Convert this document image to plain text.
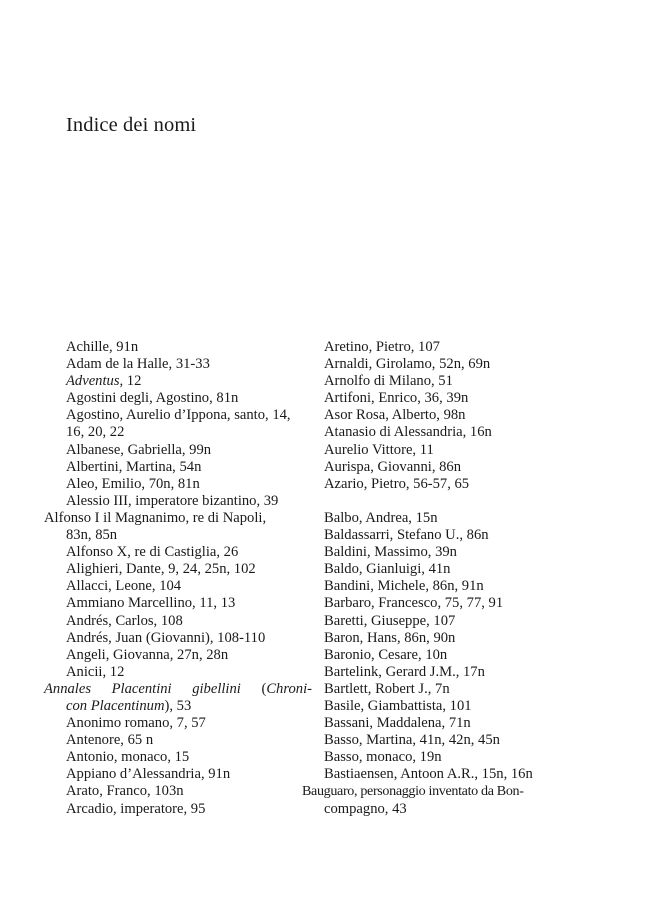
Indice dei nomi
Achille, 91n
Adam de la Halle, 31-33
Adventus, 12
Agostini degli, Agostino, 81n
Agostino, Aurelio d’Ippona, santo, 14,
16, 20, 22
Albanese, Gabriella, 99n
Albertini, Martina, 54n
Aleo, Emilio, 70n, 81n
Alessio III, imperatore bizantino, 39
Alfonso I il Magnanimo, re di Napoli,
83n, 85n
Alfonso X, re di Castiglia, 26
Alighieri, Dante, 9, 24, 25n, 102
Allacci, Leone, 104
Ammiano Marcellino, 11, 13
Andrés, Carlos, 108
Andrés, Juan (Giovanni), 108-110
Angeli, Giovanna, 27n, 28n
Anicii, 12
Annales Placentini gibellini (Chroni-
con Placentinum), 53
Anonimo romano, 7, 57
Antenore, 65 n
Antonio, monaco, 15
Appiano d’Alessandria, 91n
Arato, Franco, 103n
Arcadio, imperatore, 95
Aretino, Pietro, 107
Arnaldi, Girolamo, 52n, 69n
Arnolfo di Milano, 51
Artifoni, Enrico, 36, 39n
Asor Rosa, Alberto, 98n
Atanasio di Alessandria, 16n
Aurelio Vittore, 11
Aurispa, Giovanni, 86n
Azario, Pietro, 56-57, 65
Balbo, Andrea, 15n
Baldassarri, Stefano U., 86n
Baldini, Massimo, 39n
Baldo, Gianluigi, 41n
Bandini, Michele, 86n, 91n
Barbaro, Francesco, 75, 77, 91
Baretti, Giuseppe, 107
Baron, Hans, 86n, 90n
Baronio, Cesare, 10n
Bartelink, Gerard J.M., 17n
Bartlett, Robert J., 7n
Basile, Giambattista, 101
Bassani, Maddalena, 71n
Basso, Martina, 41n, 42n, 45n
Basso, monaco, 19n
Bastiaensen, Antoon A.R., 15n, 16n
Bauguaro, personaggio inventato da Bon-
compagno, 43
